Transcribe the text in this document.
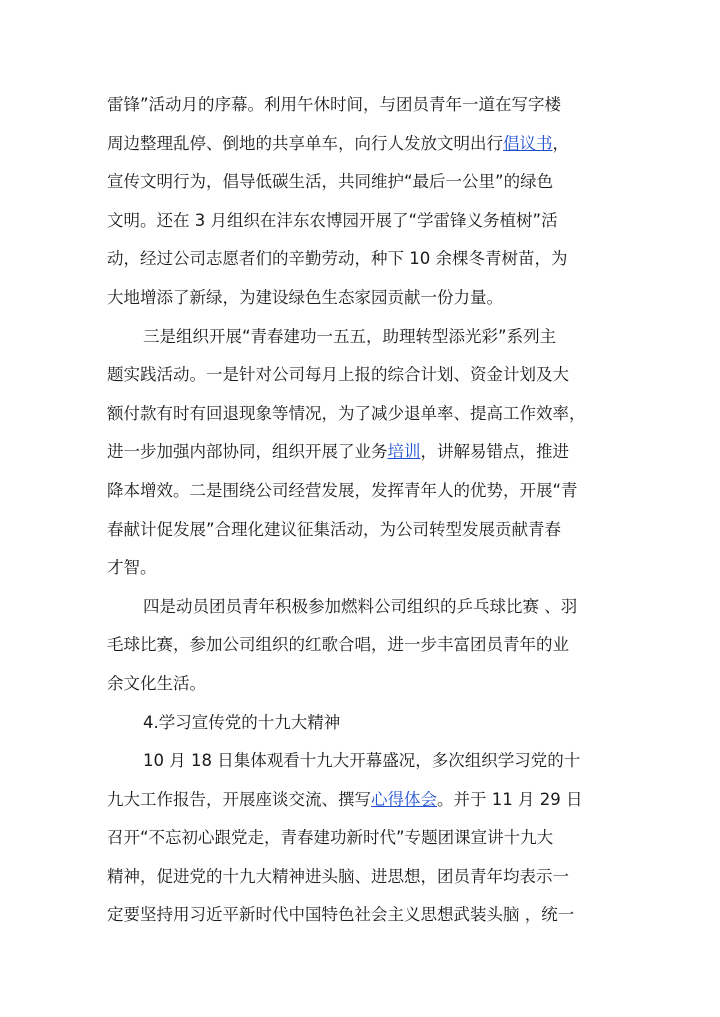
雷锋”活动月的序幕。利用午休时间，与团员青年一道在写字楼
周边整理乱停、倒地的共享单车，向行人发放文明出行倡议书，
宣传文明行为，倡导低碳生活，共同维护“最后一公里”的绿色
文明。还在 3 月组织在沣东农博园开展了“学雷锋义务植树”活
动，经过公司志愿者们的辛勤劳动，种下 10 余棵冬青树苗，为
大地增添了新绿，为建设绿色生态家园贡献一份力量。
三是组织开展“青春建功一五五，助理转型添光彩”系列主
题实践活动。一是针对公司每月上报的综合计划、资金计划及大
额付款有时有回退现象等情况，为了减少退单率、提高工作效率，
进一步加强内部协同，组织开展了业务培训，讲解易错点，推进
降本增效。二是围绕公司经营发展，发挥青年人的优势，开展“青
春献计促发展”合理化建议征集活动，为公司转型发展贡献青春
才智。
四是动员团员青年积极参加燃料公司组织的乒乓球比赛 、羽
毛球比赛，参加公司组织的红歌合唱，进一步丰富团员青年的业
余文化生活。
4.学习宣传党的十九大精神
10 月 18 日集体观看十九大开幕盛况，多次组织学习党的十
九大工作报告，开展座谈交流、撰写心得体会。并于 11 月 29 日
召开“不忘初心跟党走，青春建功新时代”专题团课宣讲十九大
精神，促进党的十九大精神进头脑、进思想，团员青年均表示一
定要坚持用习近平新时代中国特色社会主义思想武装头脑 ，统一
